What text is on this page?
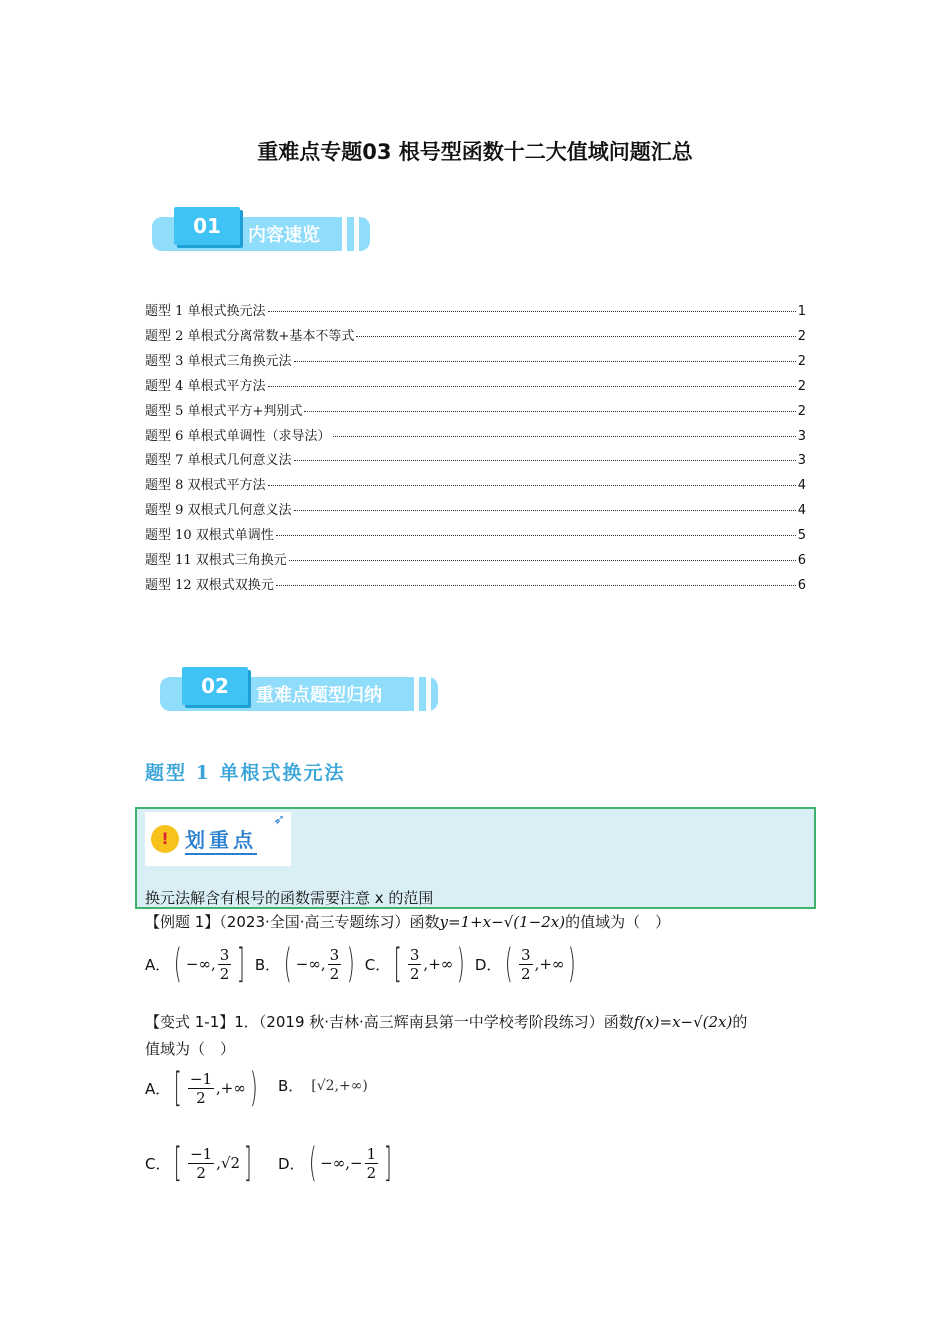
重难点专题03 根号型函数十二大值域问题汇总
01	内容速览
题型 1 单根式换元法	1
题型 2 单根式分离常数+基本不等式	2
题型 3 单根式三角换元法	2
题型 4 单根式平方法	2
题型 5 单根式平方+判别式	2
题型 6 单根式单调性（求导法）	3
题型 7 单根式几何意义法	3
题型 8 双根式平方法	4
题型 9 双根式几何意义法	4
题型 10 双根式单调性	5
题型 11 双根式三角换元	6
题型 12 双根式双换元	6
02	重难点题型归纳
题型 1 单根式换元法
! 划重点
➶
换元法解含有根号的函数需要注意 x 的范围
【例题 1】（2023·全国·高三专题练习）函数y=1+x−√(1−2x)的值域为（　）
A． ( −∞,
3
2 ] B． ( −∞,
3
2 ) C． [ 3
2
,+∞ ) D． ( 3
2
,+∞ )
【变式 1-1】1．（2019 秋·吉林·高三辉南县第一中学校考阶段练习）函数f(x)=x−√(2x)的
值域为（　）
A． [ −1
2
,+∞ ) B． [√2,+∞)
C． [ −1
2
,√2 ] D． ( −∞,− $\frac{1}{2}$ ]
